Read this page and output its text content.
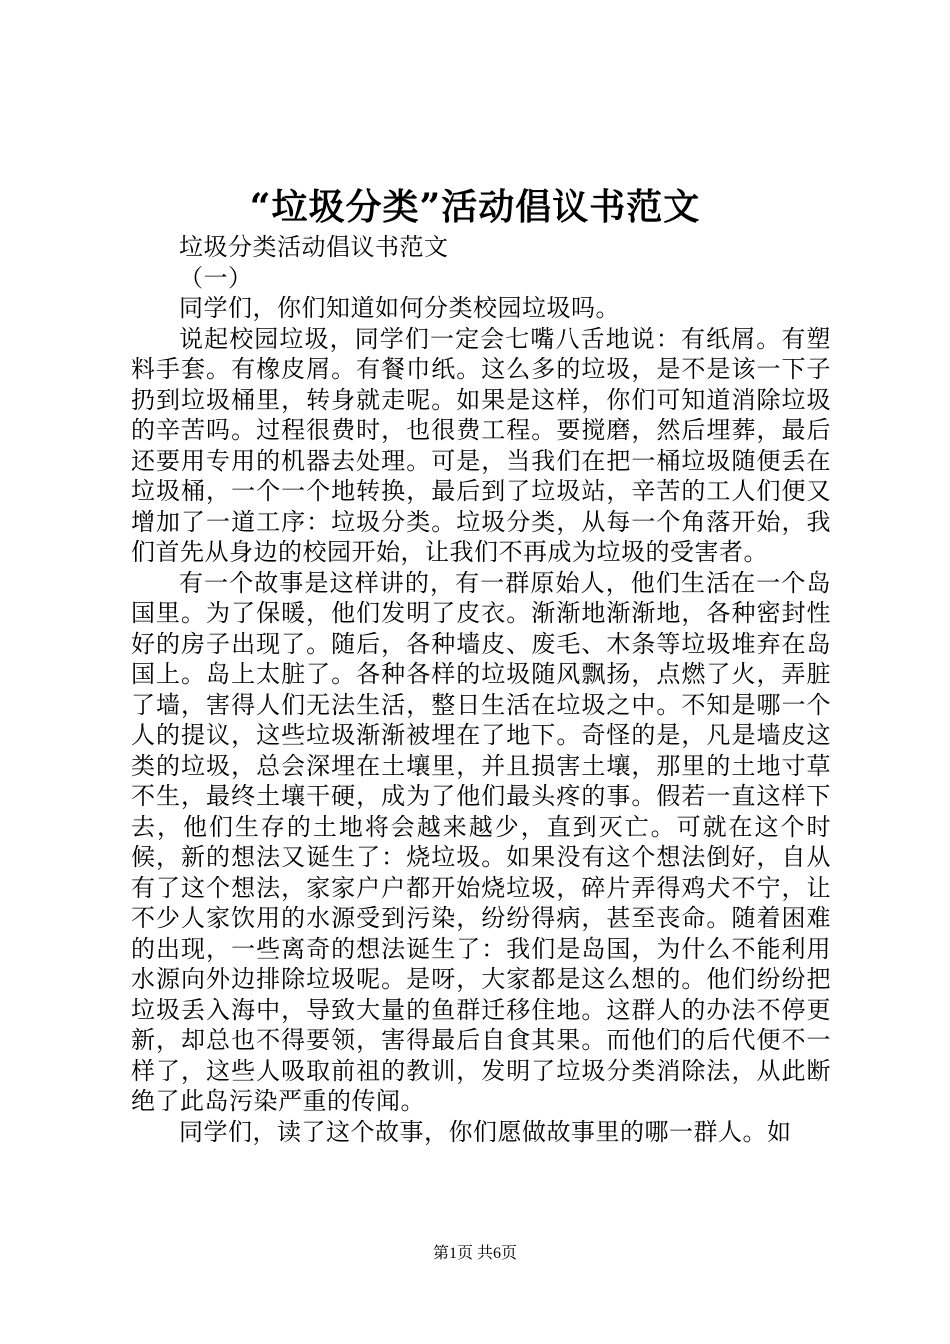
“垃圾分类”活动倡议书范文

垃圾分类活动倡议书范文

（一）

同学们，你们知道如何分类校园垃圾吗。

说起校园垃圾，同学们一定会七嘴八舌地说：有纸屑。有塑料手套。有橡皮屑。有餐巾纸。这么多的垃圾，是不是该一下子扔到垃圾桶里，转身就走呢。如果是这样，你们可知道消除垃圾的辛苦吗。过程很费时，也很费工程。要搅磨，然后埋葬，最后还要用专用的机器去处理。可是，当我们在把一桶垃圾随便丢在垃圾桶，一个一个地转换，最后到了垃圾站，辛苦的工人们便又增加了一道工序：垃圾分类。垃圾分类，从每一个角落开始，我们首先从身边的校园开始，让我们不再成为垃圾的受害者。

有一个故事是这样讲的，有一群原始人，他们生活在一个岛国里。为了保暖，他们发明了皮衣。渐渐地渐渐地，各种密封性好的房子出现了。随后，各种墙皮、废毛、木条等垃圾堆弃在岛国上。岛上太脏了。各种各样的垃圾随风飘扬，点燃了火，弄脏了墙，害得人们无法生活，整日生活在垃圾之中。不知是哪一个人的提议，这些垃圾渐渐被埋在了地下。奇怪的是，凡是墙皮这类的垃圾，总会深埋在土壤里，并且损害土壤，那里的土地寸草不生，最终土壤干硬，成为了他们最头疼的事。假若一直这样下去，他们生存的土地将会越来越少，直到灭亡。可就在这个时候，新的想法又诞生了：烧垃圾。如果没有这个想法倒好，自从有了这个想法，家家户户都开始烧垃圾，碎片弄得鸡犬不宁，让不少人家饮用的水源受到污染，纷纷得病，甚至丧命。随着困难的出现，一些离奇的想法诞生了：我们是岛国，为什么不能利用水源向外边排除垃圾呢。是呀，大家都是这么想的。他们纷纷把垃圾丢入海中，导致大量的鱼群迁移住地。这群人的办法不停更新，却总也不得要领，害得最后自食其果。而他们的后代便不一样了，这些人吸取前祖的教训，发明了垃圾分类消除法，从此断绝了此岛污染严重的传闻。

同学们，读了这个故事，你们愿做故事里的哪一群人。如

第1页 共6页
